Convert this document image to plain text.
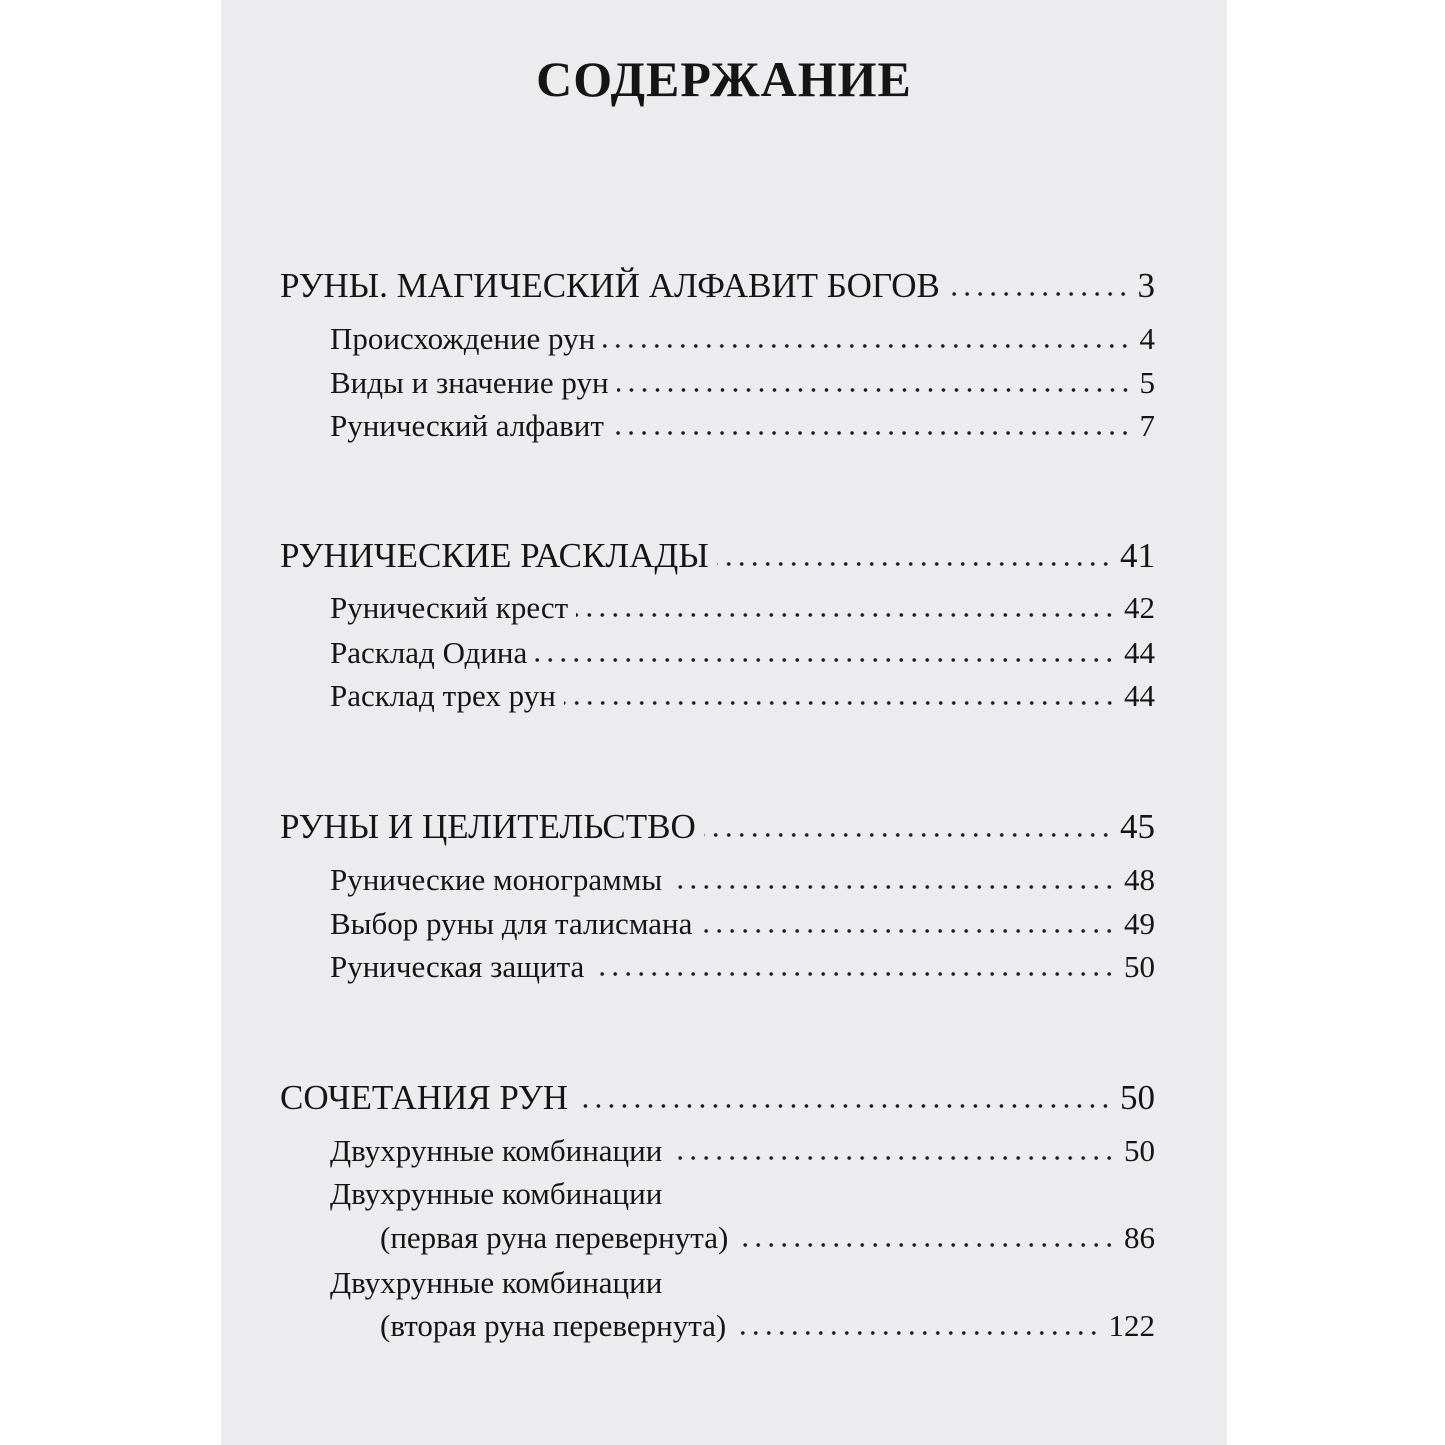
СОДЕРЖАНИЕ
РУНЫ. МАГИЧЕСКИЙ АЛФАВИТ БОГОВ	3
Происхождение рун	4
Виды и значение рун	5
Рунический алфавит	7
РУНИЧЕСКИЕ РАСКЛАДЫ	41
Рунический крест	42
Расклад Одина	44
Расклад трех рун	44
РУНЫ И ЦЕЛИТЕЛЬСТВО	45
Рунические монограммы	48
Выбор руны для талисмана	49
Руническая защита	50
СОЧЕТАНИЯ РУН	50
Двухрунные комбинации	50
Двухрунные комбинации
(первая руна перевернута)	86
Двухрунные комбинации
(вторая руна перевернута)	122
